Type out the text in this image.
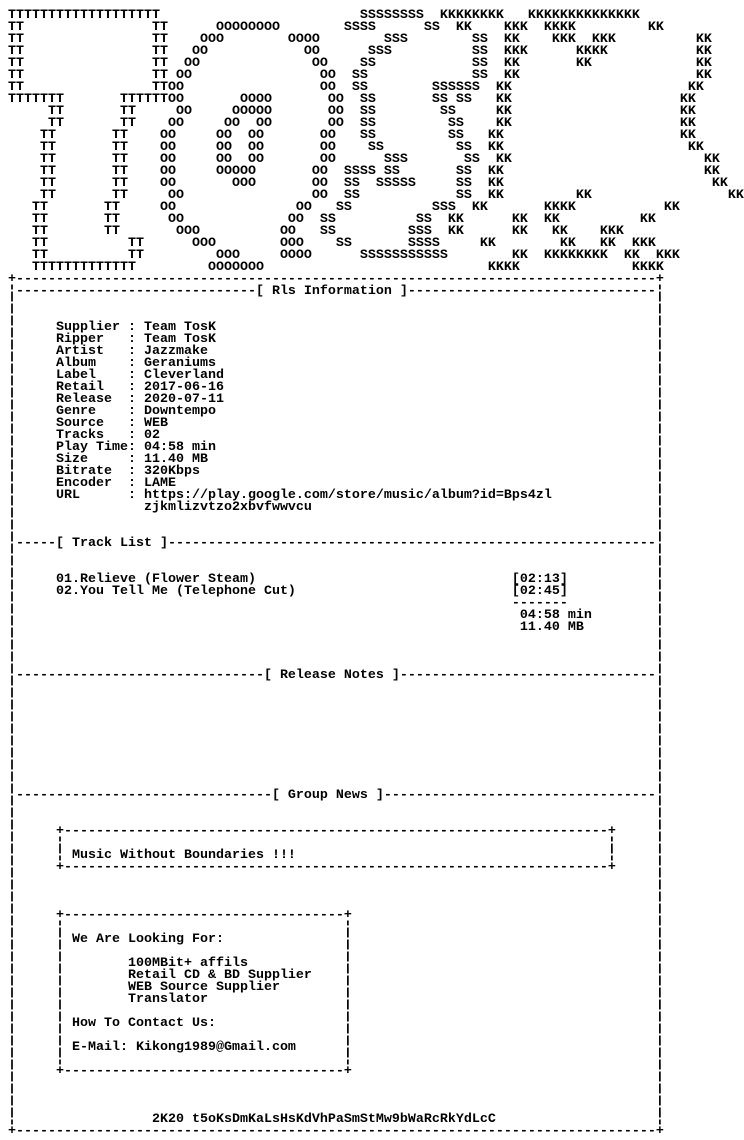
TTTTTTTTTTTTTTTTTTT                         SSSSSSSS  KKKKKKKK   KKKKKKKKKKKKKK
TT                TT      OOOOOOOO        SSSS      SS  KK    KKK  KKKK         KK
TT                TT    OOO        OOOO        SSS        SS  KK    KKK  KKK          KK
TT                TT   OO            OO      SSS          SS  KKK      KKKK           KK
TT                TT  OO              OO    SS            SS  KK       KK             KK
TT                TT OO                OO  SS             SS  KK                      KK
TT                TTOO                 OO  SS        SSSSSS  KK                      KK
TTTTTTT       TTTTTTOO       OOOO       OO  SS       SS SS   KK                     KK
TT       TT     OO     OOOOO       OO  SS        SS     KK                     KK
TT       TT    OO     OO  OO       OO  SS         SS    KK                     KK
TT       TT    OO     OO  OO       OO   SS         SS   KK                      KK
TT       TT    OO     OO  OO       OO    SS         SS  KK                       KK
TT       TT    OO     OO  OO       OO      SSS       SS  KK                        KK
TT       TT    OO     OOOOO       OO  SSSS SS       SS  KK                         KK
TT       TT    OO       OOO       OO  SS  SSSSS     SS  KK                          KK
TT       TT     OO                OO  SS            SS  KK         KK                 KK
TT       TT     OO               OO   SS          SSS  KK       KKKK           KK
TT       TT      OO             OO  SS          SS  KK      KK  KK          KK
TT       TT       OOO          OO   SS         SSS  KK      KK   KK    KKK
TT          TT      OOO        OOO    SS       SSSS     KK        KK   KK  KKK
TT          TT         OOO     OOOO      SSSSSSSSSSS        KK  KKKKKKKK  KK  KKK
TTTTTTTTTTTTT         OOOOOOO                            KKKK              KKKK
+--------------------------------------------------------------------------------+
¦------------------------------[ Rls Information ]-------------------------------¦
¦                                                                                ¦
¦                                                                                ¦
¦     Supplier : Team TosK                                                       ¦
¦     Ripper   : Team TosK                                                       ¦
¦     Artist   : Jazzmake                                                        ¦
¦     Album    : Geraniums                                                       ¦
¦     Label    : Cleverland                                                      ¦
¦     Retail   : 2017-06-16                                                      ¦
¦     Release  : 2020-07-11                                                      ¦
¦     Genre    : Downtempo                                                       ¦
¦     Source   : WEB                                                             ¦
¦     Tracks   : 02                                                              ¦
¦     Play Time: 04:58 min                                                       ¦
¦     Size     : 11.40 MB                                                        ¦
¦     Bitrate  : 320Kbps                                                         ¦
¦     Encoder  : LAME                                                            ¦
¦     URL      : https://play.google.com/store/music/album?id=Bps4zl             ¦
¦                zjkmlizvtzo2xbvfwwvcu                                           ¦
¦                                                                                ¦
¦                                                                                ¦
¦-----[ Track List ]-------------------------------------------------------------¦
¦                                                                                ¦
¦                                                                                ¦
¦     01.Relieve (Flower Steam)                                [02:13]           ¦
¦     02.You Tell Me (Telephone Cut)                           [02:45]           ¦
¦                                                              -------           ¦
¦                                                               04:58 min        ¦
¦                                                               11.40 MB         ¦
¦                                                                                ¦
¦                                                                                ¦
¦                                                                                ¦
¦-------------------------------[ Release Notes ]--------------------------------¦
¦                                                                                ¦
¦                                                                                ¦
¦                                                                                ¦
¦                                                                                ¦
¦                                                                                ¦
¦                                                                                ¦
¦                                                                                ¦
¦                                                                                ¦
¦                                                                                ¦
¦--------------------------------[ Group News ]----------------------------------¦
¦                                                                                ¦
¦                                                                                ¦
¦     +--------------------------------------------------------------------+     ¦
¦     ¦                                                                    ¦     ¦
¦     ¦ Music Without Boundaries !!!                                       ¦     ¦
¦     +--------------------------------------------------------------------+     ¦
¦                                                                                ¦
¦                                                                                ¦
¦                                                                                ¦
¦     +-----------------------------------+                                      ¦
¦     ¦                                   ¦                                      ¦
¦     ¦ We Are Looking For:               ¦                                      ¦
¦     ¦                                   ¦                                      ¦
¦     ¦        100MBit+ affils            ¦                                      ¦
¦     ¦        Retail CD & BD Supplier    ¦                                      ¦
¦     ¦        WEB Source Supplier        ¦                                      ¦
¦     ¦        Translator                 ¦                                      ¦
¦     ¦                                   ¦                                      ¦
¦     ¦ How To Contact Us:                ¦                                      ¦
¦     ¦                                   ¦                                      ¦
¦     ¦ E-Mail: Kikong1989@Gmail.com      ¦                                      ¦
¦     ¦                                   ¦                                      ¦
¦     +-----------------------------------+                                      ¦
¦                                                                                ¦
¦                                                                                ¦
¦                                                                                ¦
¦                 2K20 t5oKsDmKaLsHsKdVhPaSmStMw9bWaRcRkYdLcC                    ¦
+--------------------------------------------------------------------------------+
